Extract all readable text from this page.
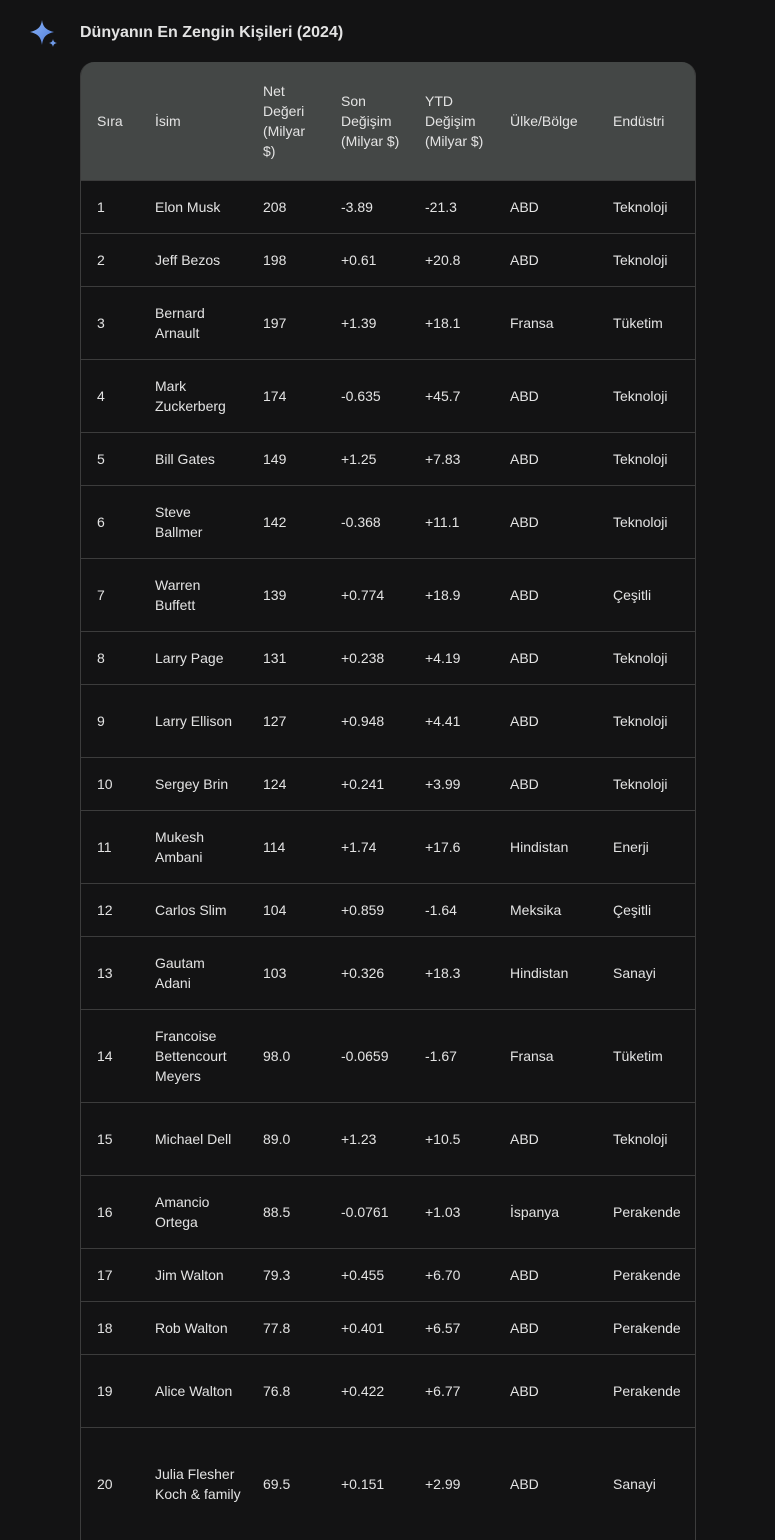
Dünyanın En Zengin Kişileri (2024)
Sıra	İsim	Net Değeri (Milyar $)	Son Değişim (Milyar $)	YTD Değişim (Milyar $)	Ülke/Bölge	Endüstri
1	Elon Musk	208	-3.89	-21.3	ABD	Teknoloji
2	Jeff Bezos	198	+0.61	+20.8	ABD	Teknoloji
3	Bernard Arnault	197	+1.39	+18.1	Fransa	Tüketim
4	Mark Zuckerberg	174	-0.635	+45.7	ABD	Teknoloji
5	Bill Gates	149	+1.25	+7.83	ABD	Teknoloji
6	Steve Ballmer	142	-0.368	+11.1	ABD	Teknoloji
7	Warren Buffett	139	+0.774	+18.9	ABD	Çeşitli
8	Larry Page	131	+0.238	+4.19	ABD	Teknoloji
9	Larry Ellison	127	+0.948	+4.41	ABD	Teknoloji
10	Sergey Brin	124	+0.241	+3.99	ABD	Teknoloji
11	Mukesh Ambani	114	+1.74	+17.6	Hindistan	Enerji
12	Carlos Slim	104	+0.859	-1.64	Meksika	Çeşitli
13	Gautam Adani	103	+0.326	+18.3	Hindistan	Sanayi
14	Francoise Bettencourt Meyers	98.0	-0.0659	-1.67	Fransa	Tüketim
15	Michael Dell	89.0	+1.23	+10.5	ABD	Teknoloji
16	Amancio Ortega	88.5	-0.0761	+1.03	İspanya	Perakende
17	Jim Walton	79.3	+0.455	+6.70	ABD	Perakende
18	Rob Walton	77.8	+0.401	+6.57	ABD	Perakende
19	Alice Walton	76.8	+0.422	+6.77	ABD	Perakende
20	Julia Flesher Koch & family	69.5	+0.151	+2.99	ABD	Sanayi
